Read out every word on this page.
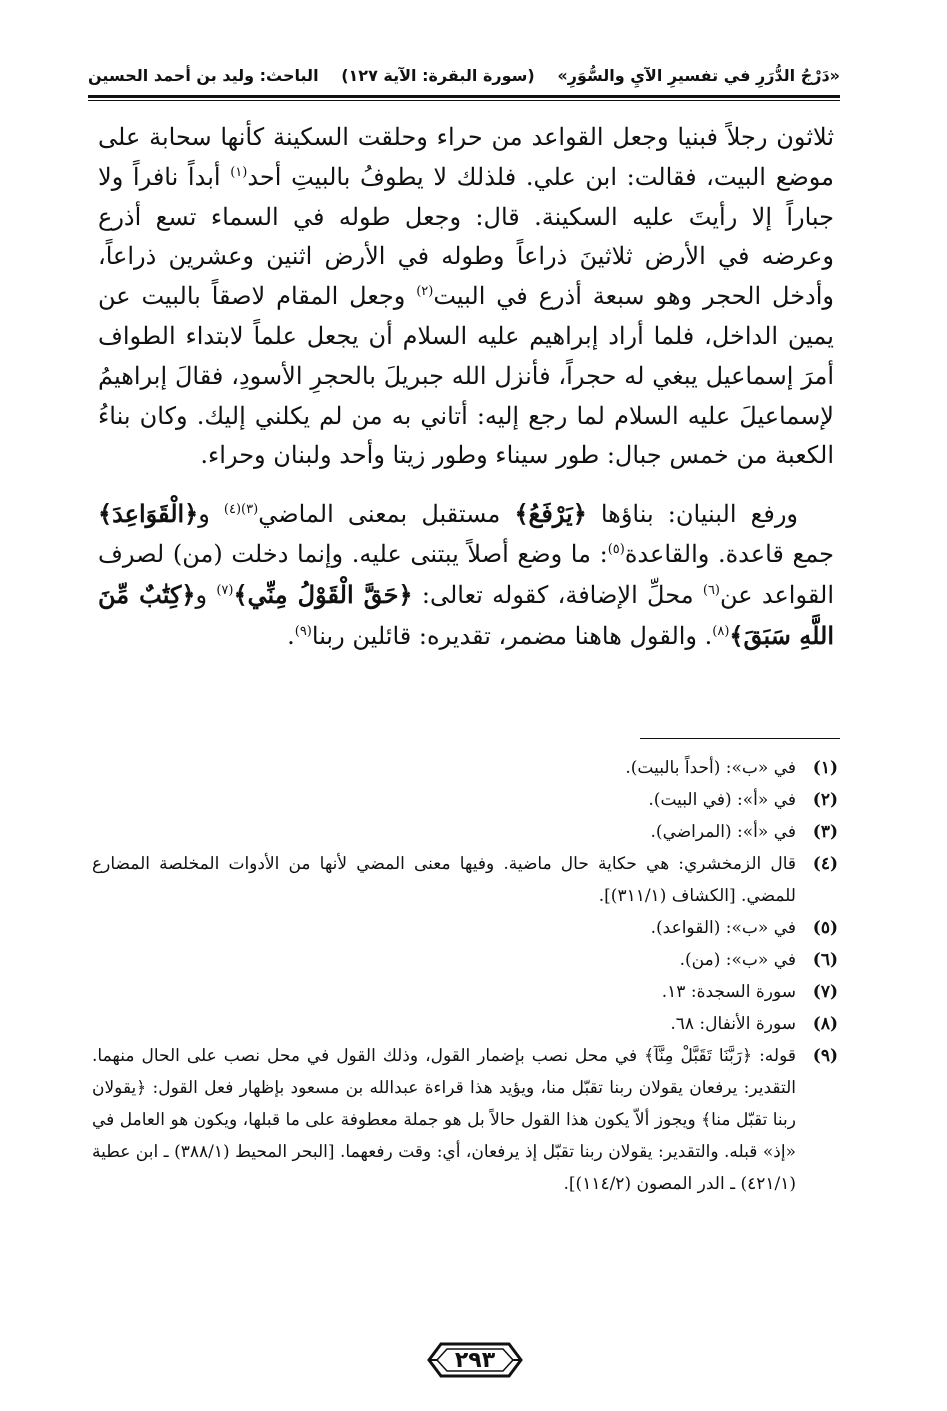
«دَرْجُ الدُّرَرِ في تفسيرِ الآيِ والسُّوَرِ»
(سورة البقرة: الآية ١٢٧)
الباحث: وليد بن أحمد الحسين

ثلاثون رجلاً فبنيا وجعل القواعد من حراء وحلقت السكينة كأنها سحابة على موضع البيت، فقالت: ابن علي. فلذلك لا يطوفُ بالبيتِ أحد$^{(١)}$ أبداً نافراً ولا جباراً إلا رأيتَ عليه السكينة. قال: وجعل طوله في السماء تسع أذرع وعرضه في الأرض ثلاثينَ ذراعاً وطوله في الأرض اثنين وعشرين ذراعاً، وأدخل الحجر وهو سبعة أذرع في البيت$^{(٢)}$ وجعل المقام لاصقاً بالبيت عن يمين الداخل، فلما أراد إبراهيم عليه السلام أن يجعل علماً لابتداء الطواف أمرَ إسماعيل يبغي له حجراً، فأنزل الله جبريلَ بالحجرِ الأسودِ، فقالَ إبراهيمُ لإسماعيلَ عليه السلام لما رجع إليه: أتاني به من لم يكلني إليك. وكان بناءُ الكعبة من خمس جبال: طور سيناء وطور زيتا وأحد ولبنان وحراء.

ورفع البنيان: بناؤها ﴿يَرْفَعُ﴾ مستقبل بمعنى الماضي$^{(٣)(٤)}$ و﴿الْقَوَاعِدَ﴾ جمع قاعدة. والقاعدة$^{(٥)}$: ما وضع أصلاً يبتنى عليه. وإنما دخلت (من) لصرف القواعد عن$^{(٦)}$ محلِّ الإضافة، كقوله تعالى: ﴿حَقَّ الْقَوْلُ مِنِّي﴾$^{(٧)}$ و﴿كِتَٰبٌ مِّنَ اللَّهِ سَبَقَ﴾$^{(٨)}$. والقول هاهنا مضمر، تقديره: قائلين ربنا$^{(٩)}$.

(١)
في «ب»: (أحداً بالبيت).
(٢)
في «أ»: (في البيت).
(٣)
في «أ»: (المراضي).
(٤)
قال الزمخشري: هي حكاية حال ماضية. وفيها معنى المضي لأنها من الأدوات المخلصة المضارع للمضي. [الكشاف (٣١١/١)].
(٥)
في «ب»: (القواعد).
(٦)
في «ب»: (من).
(٧)
سورة السجدة: ١٣.
(٨)
سورة الأنفال: ٦٨.
(٩)
قوله: ﴿رَبَّنَا تَقَبَّلْ مِنَّآ﴾ في محل نصب بإضمار القول، وذلك القول في محل نصب على الحال منهما. التقدير: يرفعان يقولان ربنا تقبّل منا، ويؤيد هذا قراءة عبدالله بن مسعود بإظهار فعل القول: ﴿يقولان ربنا تقبّل منا﴾ ويجوز ألاّ يكون هذا القول حالاً بل هو جملة معطوفة على ما قبلها، ويكون هو العامل في «إذ» قبله. والتقدير: يقولان ربنا تقبّل إذ يرفعان، أي: وقت رفعهما. [البحر المحيط (٣٨٨/١) ـ ابن عطية (٤٢١/١) ـ الدر المصون (١١٤/٢)].
٢٩٣
